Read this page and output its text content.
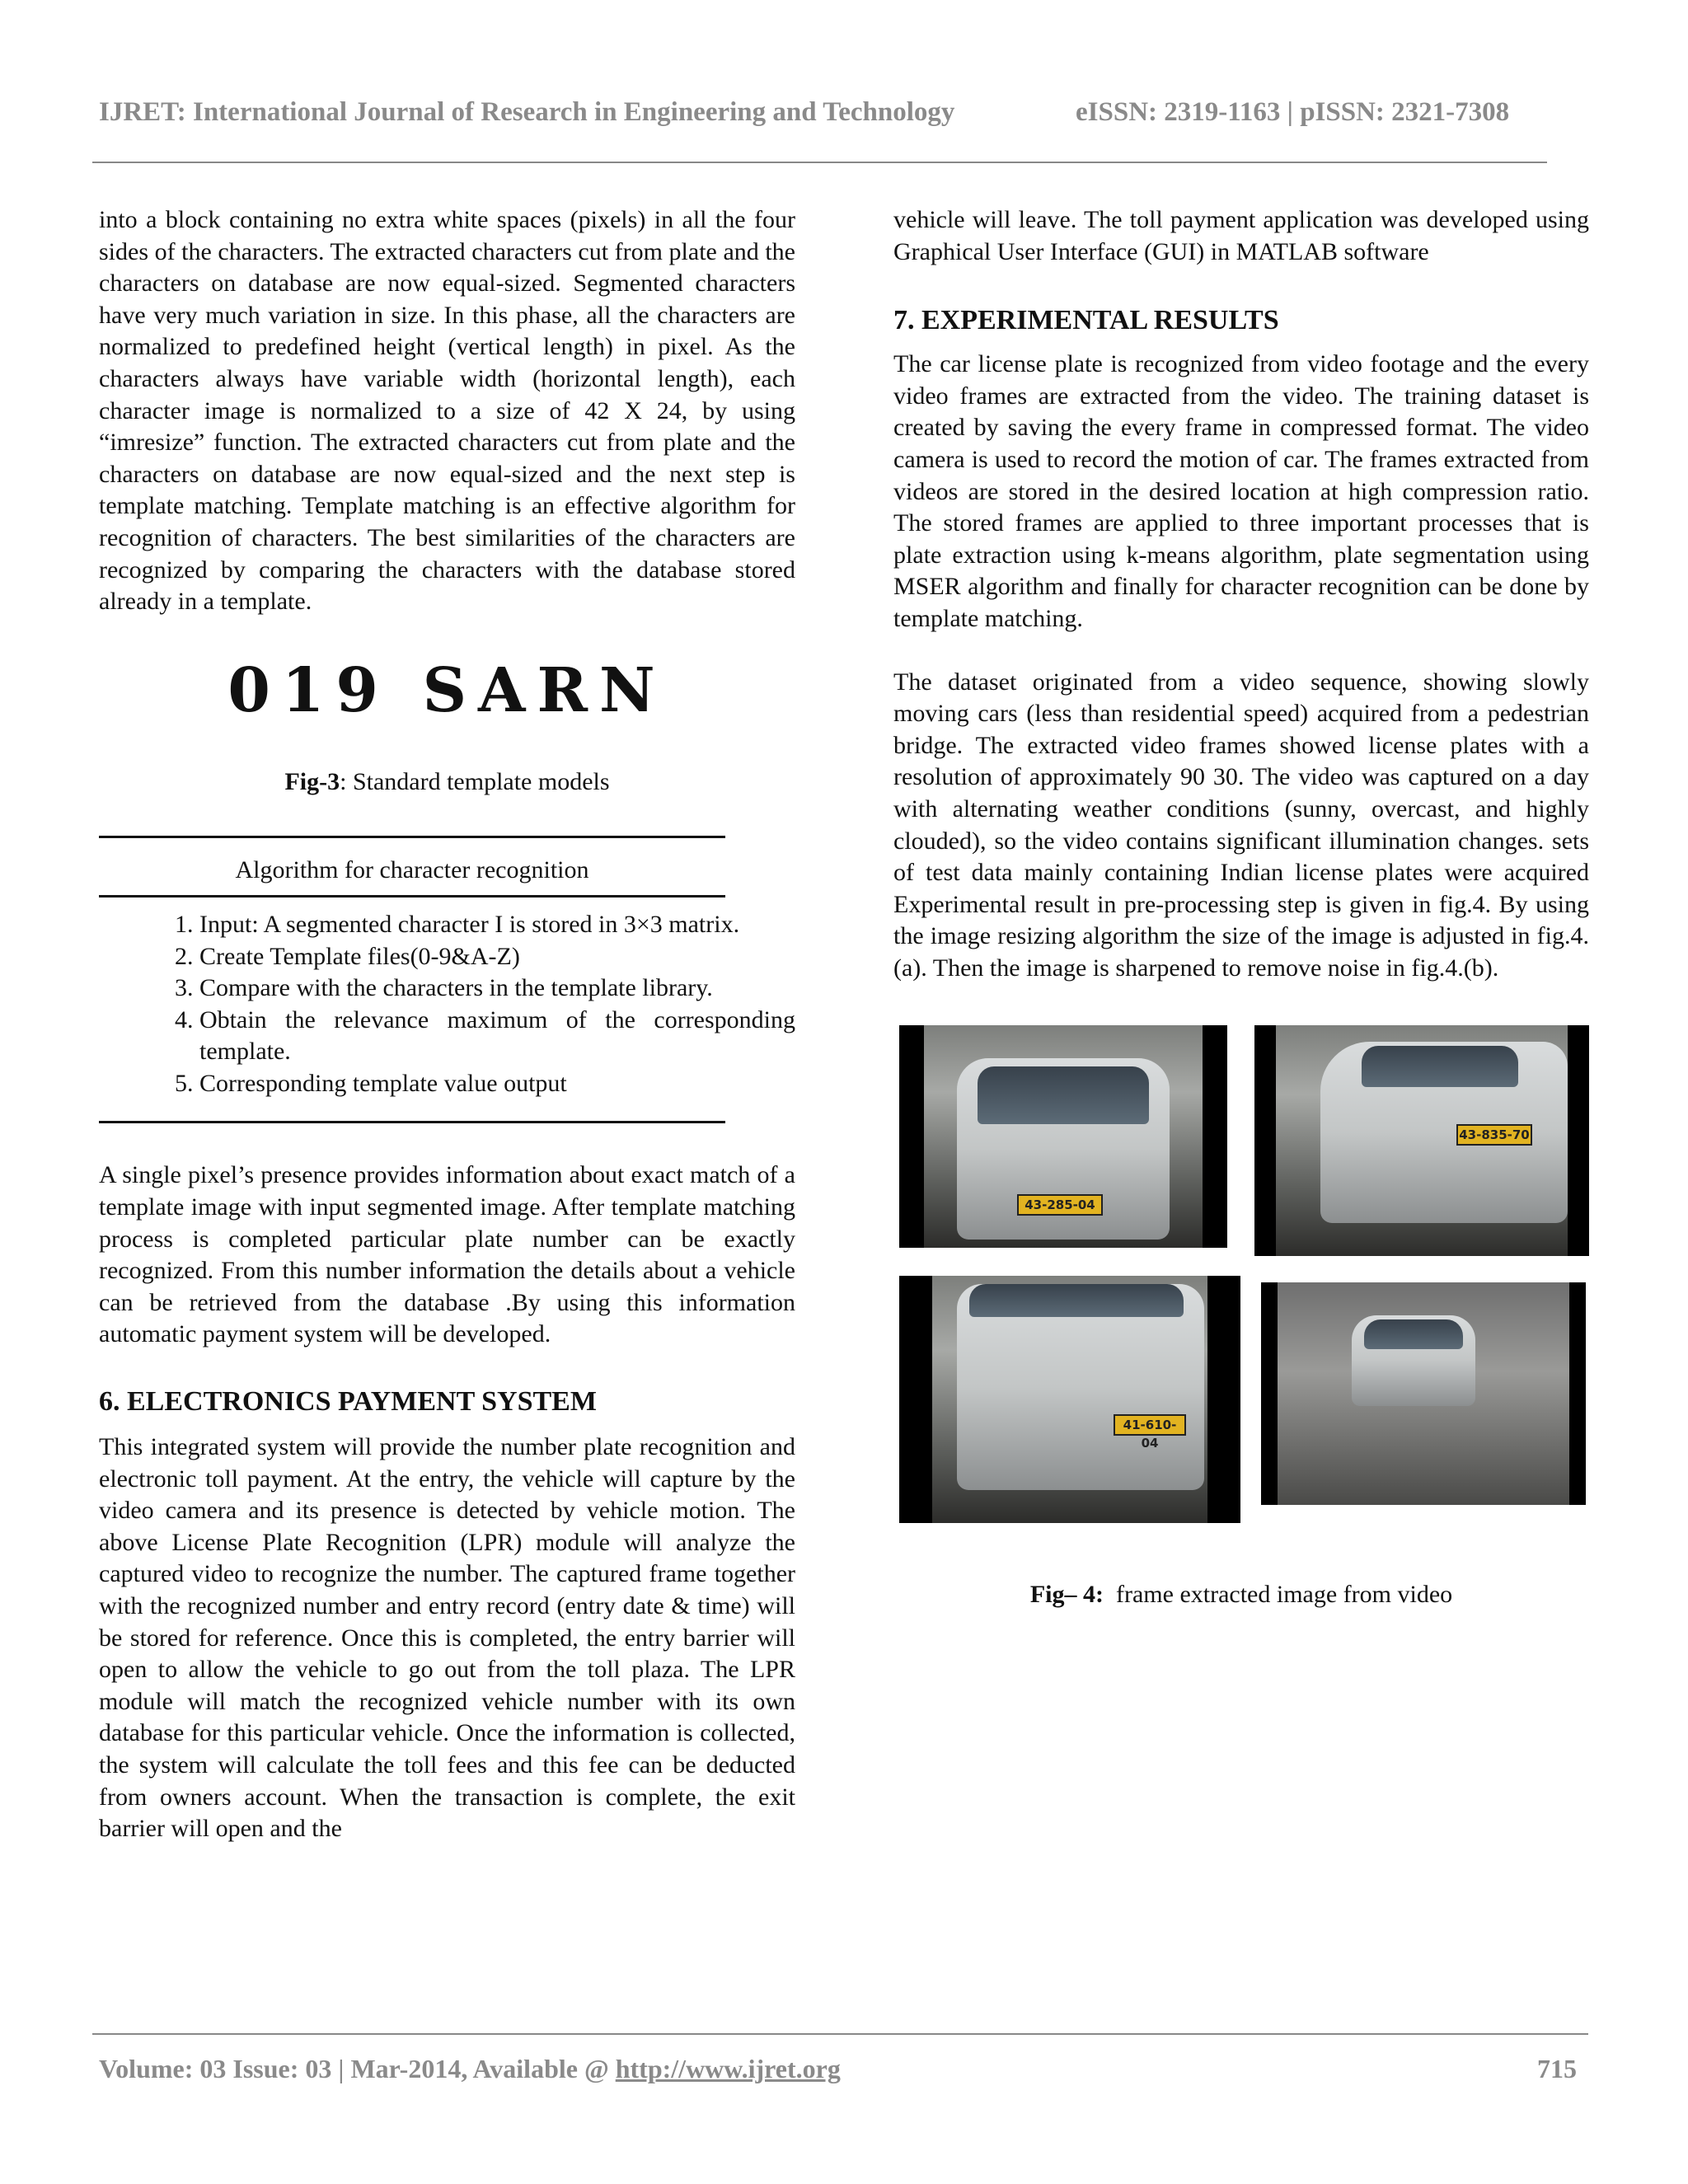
IJRET: International Journal of Research in Engineering and Technology	eISSN: 2319-1163 | pISSN: 2321-7308

into a block containing no extra white spaces (pixels) in all the four sides of the characters. The extracted characters cut from plate and the characters on database are now equal-sized. Segmented characters have very much variation in size. In this phase, all the characters are normalized to predefined height (vertical length) in pixel. As the characters always have variable width (horizontal length), each character image is normalized to a size of 42 X 24, by using “imresize” function. The extracted characters cut from plate and the characters on database are now equal-sized and the next step is template matching. Template matching is an effective algorithm for recognition of characters. The best similarities of the characters are recognized by comparing the characters with the database stored already in a template.

019 SARN
Fig-3: Standard template models
Algorithm for character recognition
1. Input: A segmented character I is stored in 3×3 matrix.
2. Create Template files(0-9&A-Z)
3. Compare with the characters in the template library.
4. Obtain the relevance maximum of the corresponding template.
5. Corresponding template value output

A single pixel’s presence provides information about exact match of a template image with input segmented image. After template matching process is completed particular plate number can be exactly recognized. From this number information the details about a vehicle can be retrieved from the database .By using this information automatic payment system will be developed.

6. ELECTRONICS PAYMENT SYSTEM

This integrated system will provide the number plate recognition and electronic toll payment. At the entry, the vehicle will capture by the video camera and its presence is detected by vehicle motion. The above License Plate Recognition (LPR) module will analyze the captured video to recognize the number. The captured frame together with the recognized number and entry record (entry date & time) will be stored for reference. Once this is completed, the entry barrier will open to allow the vehicle to go out from the toll plaza. The LPR module will match the recognized vehicle number with its own database for this particular vehicle. Once the information is collected, the system will calculate the toll fees and this fee can be deducted from owners account. When the transaction is complete, the exit barrier will open and the

vehicle will leave. The toll payment application was developed using Graphical User Interface (GUI) in MATLAB software

7. EXPERIMENTAL RESULTS

The car license plate is recognized from video footage and the every video frames are extracted from the video. The training dataset is created by saving the every frame in compressed format. The video camera is used to record the motion of car. The frames extracted from videos are stored in the desired location at high compression ratio. The stored frames are applied to three important processes that is plate extraction using k-means algorithm, plate segmentation using MSER algorithm and finally for character recognition can be done by template matching.

The dataset originated from a video sequence, showing slowly moving cars (less than residential speed) acquired from a pedestrian bridge. The extracted video frames showed license plates with a resolution of approximately 90 30. The video was captured on a day with alternating weather conditions (sunny, overcast, and highly clouded), so the video contains significant illumination changes. sets of test data mainly containing Indian license plates were acquired Experimental result in pre-processing step is given in fig.4. By using the image resizing algorithm the size of the image is adjusted in fig.4. (a). Then the image is sharpened to remove noise in fig.4.(b).

43-285-04
43-835-70
41-610-04
Fig– 4:  frame extracted image from video
Volume: 03 Issue: 03 | Mar-2014, Available @ http://www.ijret.org	715
